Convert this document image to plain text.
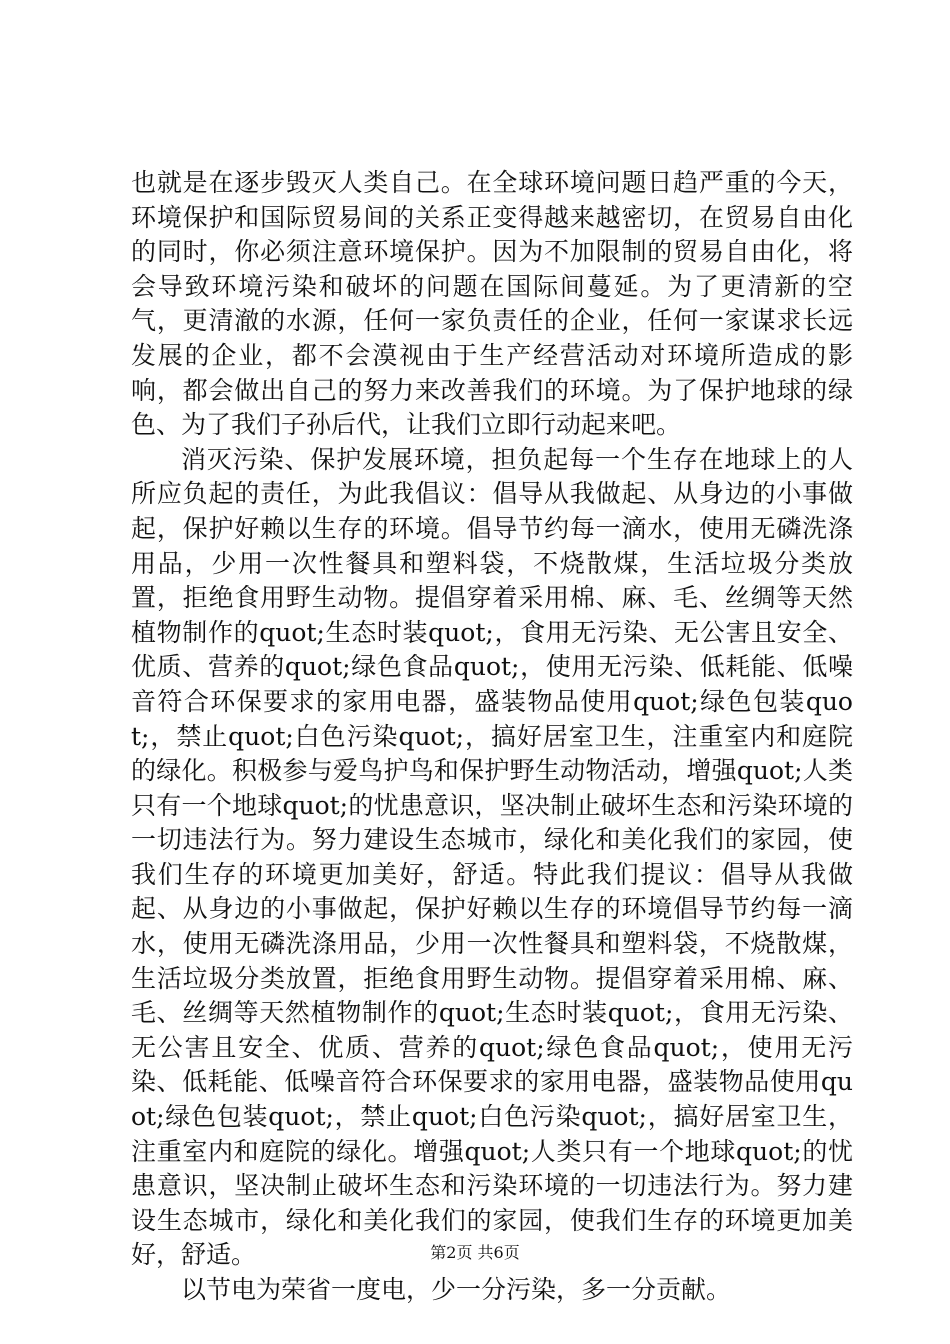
也就是在逐步毁灭人类自己。在全球环境问题日趋严重的今天，环境保护和国际贸易间的关系正变得越来越密切，在贸易自由化的同时，你必须注意环境保护。因为不加限制的贸易自由化，将会导致环境污染和破坏的问题在国际间蔓延。为了更清新的空气，更清澈的水源，任何一家负责任的企业，任何一家谋求长远发展的企业，都不会漠视由于生产经营活动对环境所造成的影响，都会做出自己的努力来改善我们的环境。为了保护地球的绿色、为了我们子孙后代，让我们立即行动起来吧。

消灭污染、保护发展环境，担负起每一个生存在地球上的人所应负起的责任，为此我倡议：倡导从我做起、从身边的小事做起，保护好赖以生存的环境。倡导节约每一滴水，使用无磷洗涤用品，少用一次性餐具和塑料袋，不烧散煤，生活垃圾分类放置，拒绝食用野生动物。提倡穿着采用棉、麻、毛、丝绸等天然植物制作的quot;生态时装quot;，食用无污染、无公害且安全、优质、营养的quot;绿色食品quot;，使用无污染、低耗能、低噪音符合环保要求的家用电器，盛装物品使用quot;绿色包装quot;，禁止quot;白色污染quot;，搞好居室卫生，注重室内和庭院的绿化。积极参与爱鸟护鸟和保护野生动物活动，增强quot;人类只有一个地球quot;的忧患意识，坚决制止破坏生态和污染环境的一切违法行为。努力建设生态城市，绿化和美化我们的家园，使我们生存的环境更加美好，舒适。特此我们提议：倡导从我做起、从身边的小事做起，保护好赖以生存的环境倡导节约每一滴水，使用无磷洗涤用品，少用一次性餐具和塑料袋，不烧散煤，生活垃圾分类放置，拒绝食用野生动物。提倡穿着采用棉、麻、毛、丝绸等天然植物制作的quot;生态时装quot;，食用无污染、无公害且安全、优质、营养的quot;绿色食品quot;，使用无污染、低耗能、低噪音符合环保要求的家用电器，盛装物品使用quot;绿色包装quot;，禁止quot;白色污染quot;，搞好居室卫生，注重室内和庭院的绿化。增强quot;人类只有一个地球quot;的忧患意识，坚决制止破坏生态和污染环境的一切违法行为。努力建设生态城市，绿化和美化我们的家园，使我们生存的环境更加美好，舒适。

以节电为荣省一度电，少一分污染，多一分贡献。

第2页 共6页
